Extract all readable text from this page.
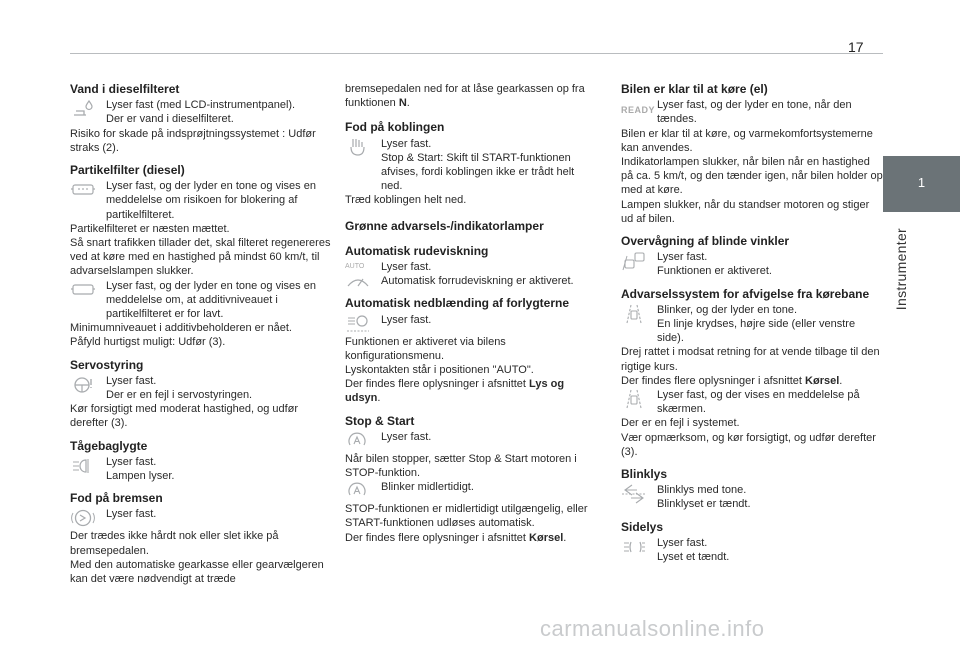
17
1
Instrumenter
Vand i dieselfilteret
Lyser fast (med LCD-instrumentpanel).
Der er vand i dieselfilteret.
Risiko for skade på indsprøjtningssystemet : Udfør straks (2).
Partikelfilter (diesel)
Lyser fast, og der lyder en tone og vises en meddelelse om risikoen for blokering af partikelfilteret.
Partikelfilteret er næsten mættet.
Så snart trafikken tillader det, skal filteret regenereres ved at køre med en hastighed på mindst 60 km/t, til advarselslampen slukker.
Lyser fast, og der lyder en tone og vises en meddelelse om, at additivniveauet i partikelfilteret er for lavt.
Minimumniveauet i additivbeholderen er nået.
Påfyld hurtigst muligt: Udfør (3).
Servostyring
Lyser fast.
Der er en fejl i servostyringen.
Kør forsigtigt med moderat hastighed, og udfør derefter (3).
Tågebaglygte
Lyser fast.
Lampen lyser.
Fod på bremsen
Lyser fast.
Der trædes ikke hårdt nok eller slet ikke på bremsepedalen.
Med den automatiske gearkasse eller gearvælgeren kan det være nødvendigt at træde
bremsepedalen ned for at låse gearkassen op fra funktionen N.
Fod på koblingen
Lyser fast.
Stop & Start: Skift til START-funktionen afvises, fordi koblingen ikke er trådt helt ned.
Træd koblingen helt ned.
Grønne advarsels-/indikatorlamper
Automatisk rudeviskning
AUTO	Lyser fast.
Automatisk forrudeviskning er aktiveret.
Automatisk nedblænding af forlygterne
Lyser fast.
Funktionen er aktiveret via bilens konfigurationsmenu.
Lyskontakten står i positionen "AUTO".
Der findes flere oplysninger i afsnittet Lys og udsyn.
Stop & Start
Lyser fast.
Når bilen stopper, sætter Stop & Start motoren i STOP-funktion.
Blinker midlertidigt.
STOP-funktionen er midlertidigt utilgængelig, eller START-funktionen udløses automatisk.
Der findes flere oplysninger i afsnittet Kørsel.
Bilen er klar til at køre (el)
READY Lyser fast, og der lyder en tone, når den tændes.
Bilen er klar til at køre, og varmekomfortsystemerne kan anvendes.
Indikatorlampen slukker, når bilen når en hastighed på ca. 5 km/t, og den tænder igen, når bilen holder op med at køre.
Lampen slukker, når du standser motoren og stiger ud af bilen.
Overvågning af blinde vinkler
Lyser fast.
Funktionen er aktiveret.
Advarselssystem for afvigelse fra kørebane
Blinker, og der lyder en tone.
En linje krydses, højre side (eller venstre side).
Drej rattet i modsat retning for at vende tilbage til den rigtige kurs.
Der findes flere oplysninger i afsnittet Kørsel.
Lyser fast, og der vises en meddelelse på skærmen.
Der er en fejl i systemet.
Vær opmærksom, og kør forsigtigt, og udfør derefter (3).
Blinklys
Blinklys med tone.
Blinklyset er tændt.
Sidelys
Lyser fast.
Lyset et tændt.
carmanualsonline.info
